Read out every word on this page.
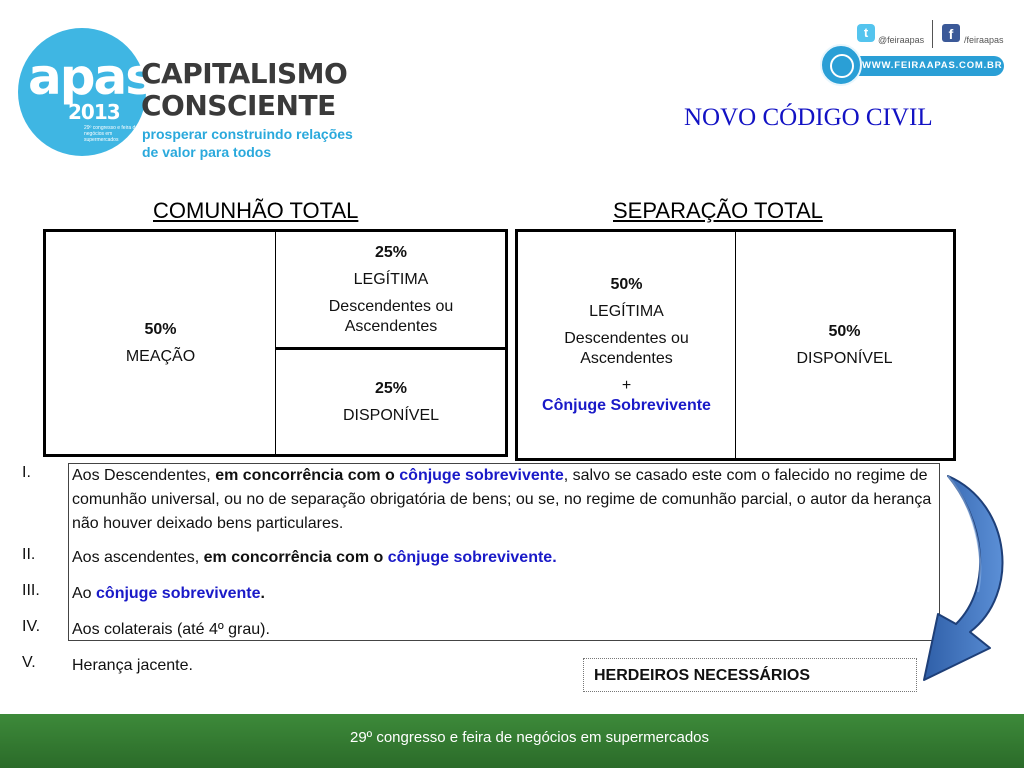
apas
2013
29º congresso e feira de negócios em supermercados
CAPITALISMO
CONSCIENTE
prosperar construindo relações
de valor para todos
t	@feiraapas	f	/feiraapas
WWW.FEIRAAPAS.COM.BR
NOVO CÓDIGO CIVIL
COMUNHÃO TOTAL	SEPARAÇÃO TOTAL
50%
MEAÇÃO
25%
LEGÍTIMA
Descendentes ou Ascendentes
25%
DISPONÍVEL
50%
LEGÍTIMA
Descendentes ou Ascendentes
+
Cônjuge Sobrevivente
50%
DISPONÍVEL
I.	Aos Descendentes, em concorrência com o cônjuge sobrevivente, salvo se casado este com o falecido no regime de comunhão universal, ou no de separação obrigatória de bens; ou se, no regime de comunhão parcial, o autor da herança não houver deixado bens particulares.
II. Aos ascendentes, em concorrência com o cônjuge sobrevivente.
III. Ao cônjuge sobrevivente.
IV. Aos colaterais (até 4º grau).
V. Herança jacente.
HERDEIROS NECESSÁRIOS
29º congresso e feira de negócios em supermercados
